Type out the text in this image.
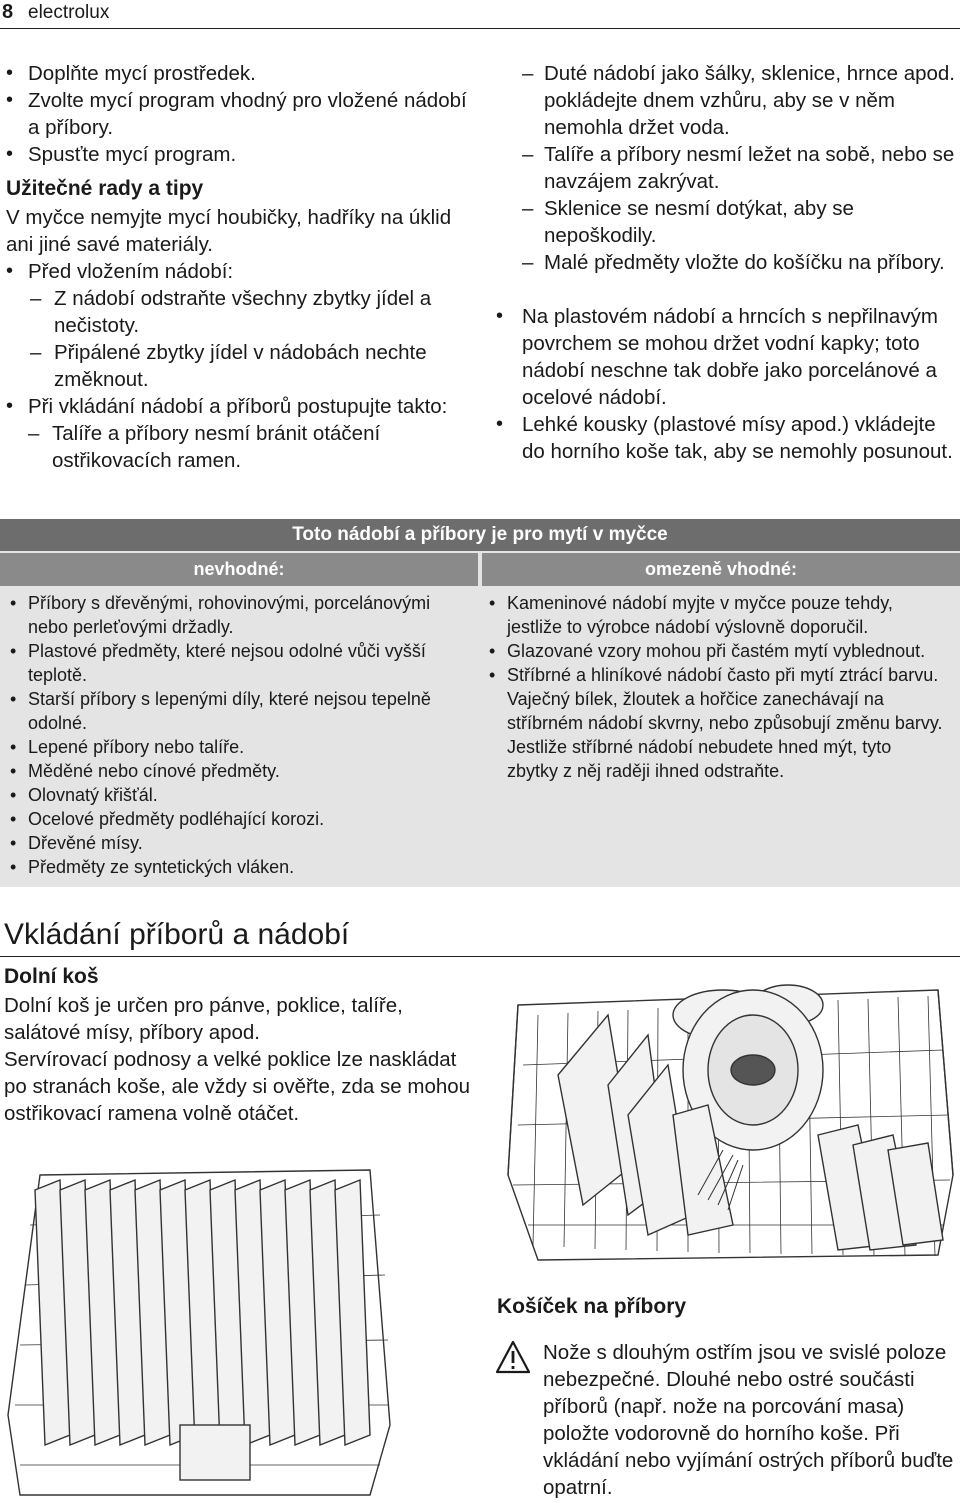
8 electrolux
• Doplňte mycí prostředek.
• Zvolte mycí program vhodný pro vložené nádobí a příbory.
• Spusťte mycí program.
Užitečné rady a tipy

V myčce nemyjte mycí houbičky, hadříky na úklid ani jiné savé materiály.

• Před vložením nádobí:
– Z nádobí odstraňte všechny zbytky jídel a nečistoty.
– Připálené zbytky jídel v nádobách nechte změknout.
• Při vkládání nádobí a příborů postupujte takto:
– Talíře a příbory nesmí bránit otáčení ostřikovacích ramen.
– Duté nádobí jako šálky, sklenice, hrnce apod. pokládejte dnem vzhůru, aby se v něm nemohla držet voda.
– Talíře a příbory nesmí ležet na sobě, nebo se navzájem zakrývat.
– Sklenice se nesmí dotýkat, aby se nepoškodily.
– Malé předměty vložte do košíčku na příbory.
• Na plastovém nádobí a hrncích s nepřilnavým povrchem se mohou držet vodní kapky; toto nádobí neschne tak dobře jako porcelánové a ocelové nádobí.
• Lehké kousky (plastové mísy apod.) vkládejte do horního koše tak, aby se nemohly posunout.
Toto nádobí a příbory je pro mytí v myčce
nevhodné:	omezeně vhodné:
• Příbory s dřevěnými, rohovinovými, porcelánovými nebo perleťovými držadly.
• Plastové předměty, které nejsou odolné vůči vyšší teplotě.
• Starší příbory s lepenými díly, které nejsou tepelně odolné.
• Lepené příbory nebo talíře.
• Měděné nebo cínové předměty.
• Olovnatý křišťál.
• Ocelové předměty podléhající korozi.
• Dřevěné mísy.
• Předměty ze syntetických vláken.
• Kameninové nádobí myjte v myčce pouze tehdy, jestliže to výrobce nádobí výslovně doporučil.
• Glazované vzory mohou při častém mytí vyblednout.
• Stříbrné a hliníkové nádobí často při mytí ztrácí barvu. Vaječný bílek, žloutek a hořčice zanechávají na stříbrném nádobí skvrny, nebo způsobují změnu barvy. Jestliže stříbrné nádobí nebudete hned mýt, tyto zbytky z něj raději ihned odstraňte.
Vkládání příborů a nádobí
Dolní koš

Dolní koš je určen pro pánve, poklice, talíře, salátové mísy, příbory apod.

Servírovací podnosy a velké poklice lze naskládat po stranách koše, ale vždy si ověřte, zda se mohou ostřikovací ramena volně otáčet.

Košíček na příbory
Nože s dlouhým ostřím jsou ve svislé poloze nebezpečné. Dlouhé nebo ostré součásti příborů (např. nože na porcování masa) položte vodorovně do horního koše. Při vkládání nebo vyjímání ostrých příborů buďte opatrní.
